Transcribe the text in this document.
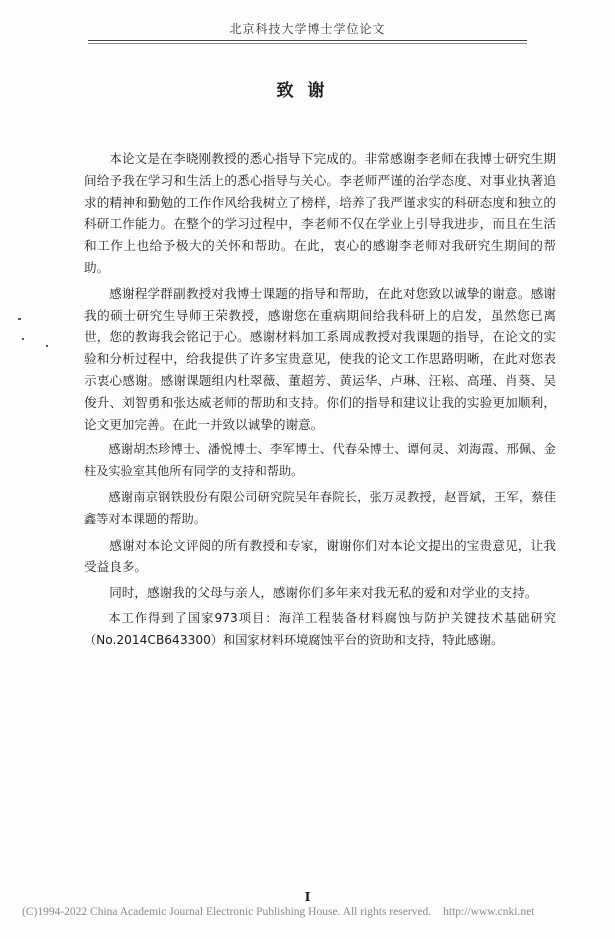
北京科技大学博士学位论文
致谢

本论文是在李晓刚教授的悉心指导下完成的。非常感谢李老师在我博士研究生期间给予我在学习和生活上的悉心指导与关心。李老师严谨的治学态度、对事业执著追求的精神和勤勉的工作作风给我树立了榜样，培养了我严谨求实的科研态度和独立的科研工作能力。在整个的学习过程中，李老师不仅在学业上引导我进步，而且在生活和工作上也给予极大的关怀和帮助。在此，衷心的感谢李老师对我研究生期间的帮助。

感谢程学群副教授对我博士课题的指导和帮助，在此对您致以诚挚的谢意。感谢我的硕士研究生导师王荣教授，感谢您在重病期间给我科研上的启发，虽然您已离世，您的教诲我会铭记于心。感谢材料加工系周成教授对我课题的指导，在论文的实验和分析过程中，给我提供了许多宝贵意见，使我的论文工作思路明晰，在此对您表示衷心感谢。感谢课题组内杜翠薇、董超芳、黄运华、卢琳、汪崧、高瑾、肖葵、吴俊升、刘智勇和张达威老师的帮助和支持。你们的指导和建议让我的实验更加顺利，论文更加完善。在此一并致以诚挚的谢意。

感谢胡杰珍博士、潘悦博士、李军博士、代春朵博士、谭何灵、刘海霞、邢佩、金柱及实验室其他所有同学的支持和帮助。

感谢南京钢铁股份有限公司研究院吴年春院长，张万灵教授，赵晋斌，王军，蔡佳鑫等对本课题的帮助。

感谢对本论文评阅的所有教授和专家，谢谢你们对本论文提出的宝贵意见，让我受益良多。

同时，感谢我的父母与亲人，感谢你们多年来对我无私的爱和对学业的支持。

本工作得到了国家973项目：海洋工程装备材料腐蚀与防护关键技术基础研究（No.2014CB643300）和国家材料环境腐蚀平台的资助和支持，特此感谢。

I
(C)1994-2022 China Academic Journal Electronic Publishing House. All rights reserved. http://www.cnki.net
